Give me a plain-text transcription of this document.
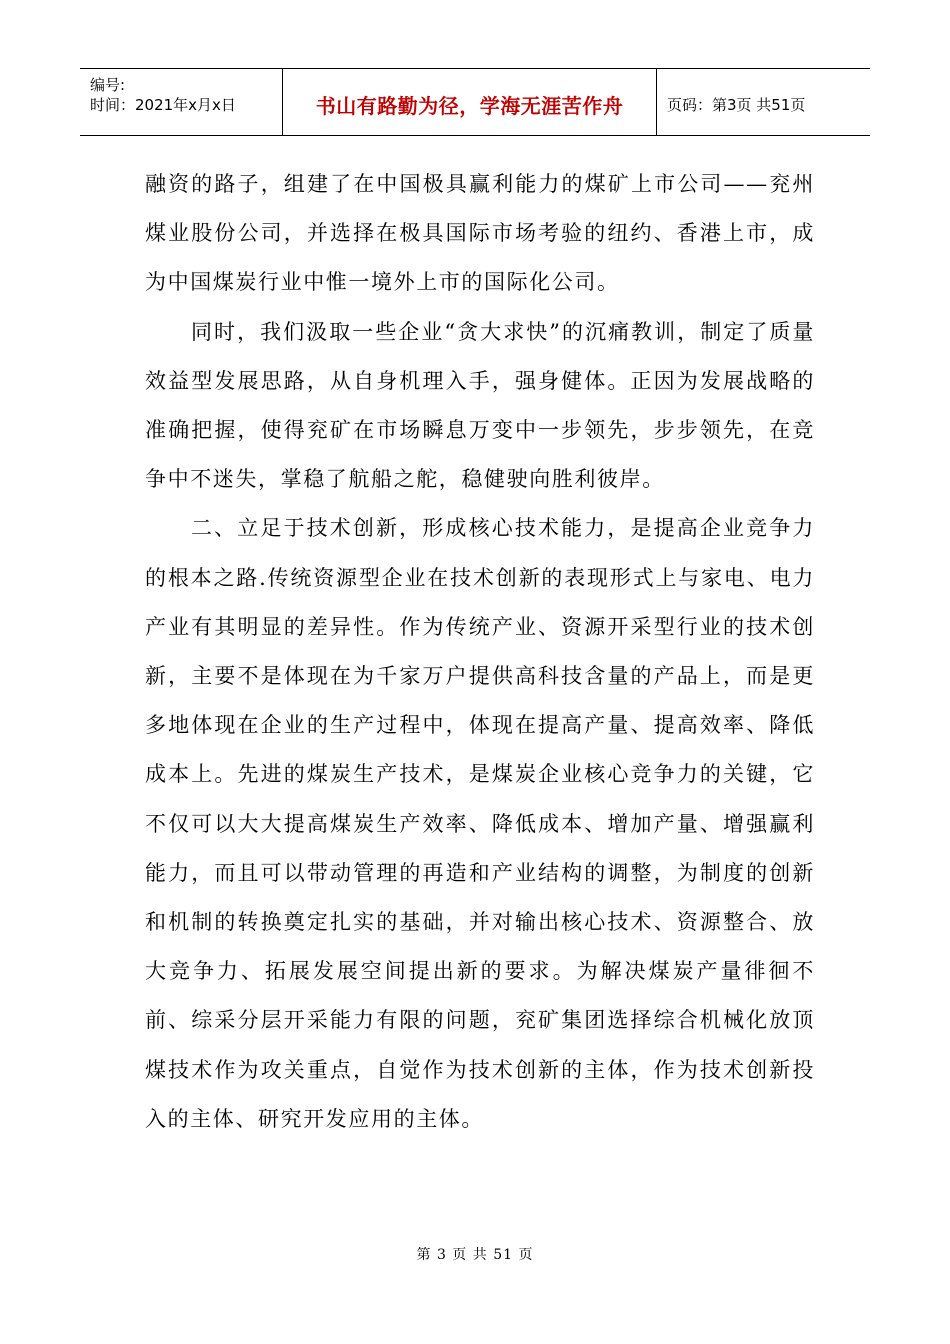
编号:
时间：2021年x月x日	书山有路勤为径，学海无涯苦作舟	页码：第3页 共51页

融资的路子，组建了在中国极具赢利能力的煤矿上市公司——兖州煤业股份公司，并选择在极具国际市场考验的纽约、香港上市，成为中国煤炭行业中惟一境外上市的国际化公司。

同时，我们汲取一些企业“贪大求快”的沉痛教训，制定了质量效益型发展思路，从自身机理入手，强身健体。正因为发展战略的准确把握，使得兖矿在市场瞬息万变中一步领先，步步领先，在竞争中不迷失，掌稳了航船之舵，稳健驶向胜利彼岸。

二、立足于技术创新，形成核心技术能力，是提高企业竞争力的根本之路.传统资源型企业在技术创新的表现形式上与家电、电力产业有其明显的差异性。作为传统产业、资源开采型行业的技术创新，主要不是体现在为千家万户提供高科技含量的产品上，而是更多地体现在企业的生产过程中，体现在提高产量、提高效率、降低成本上。先进的煤炭生产技术，是煤炭企业核心竞争力的关键，它不仅可以大大提高煤炭生产效率、降低成本、增加产量、增强赢利能力，而且可以带动管理的再造和产业结构的调整，为制度的创新和机制的转换奠定扎实的基础，并对输出核心技术、资源整合、放大竞争力、拓展发展空间提出新的要求。为解决煤炭产量徘徊不前、综采分层开采能力有限的问题，兖矿集团选择综合机械化放顶煤技术作为攻关重点，自觉作为技术创新的主体，作为技术创新投入的主体、研究开发应用的主体。

第 3 页 共 51 页
